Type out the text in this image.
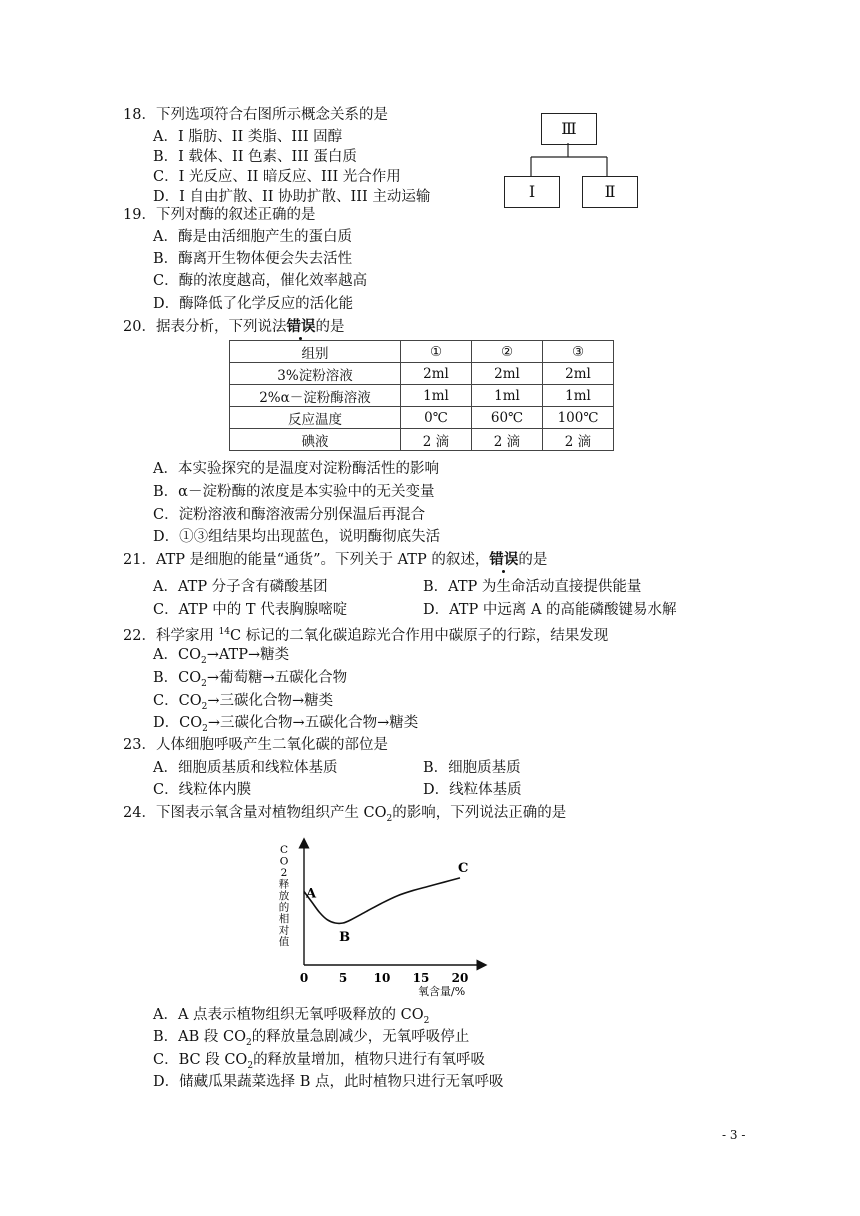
18．下列选项符合右图所示概念关系的是
A．I 脂肪、II 类脂、III 固醇
B．I 载体、II 色素、III 蛋白质
C．I 光反应、II 暗反应、III 光合作用
D．I 自由扩散、II 协助扩散、III 主动运输
Ⅲ
Ⅰ	Ⅱ
19．下列对酶的叙述正确的是
A．酶是由活细胞产生的蛋白质
B．酶离开生物体便会失去活性
C．酶的浓度越高，催化效率越高
D．酶降低了化学反应的活化能
20．据表分析，下列说法错误的是
组别	①	②	③
3%淀粉溶液	2ml	2ml	2ml
2%α－淀粉酶溶液	1ml	1ml	1ml
反应温度	0℃	60℃	100℃
碘液	2 滴	2 滴	2 滴
A．本实验探究的是温度对淀粉酶活性的影响
B．α－淀粉酶的浓度是本实验中的无关变量
C．淀粉溶液和酶溶液需分别保温后再混合
D．①③组结果均出现蓝色，说明酶彻底失活
21．ATP 是细胞的能量“通货”。下列关于 ATP 的叙述，错误的是
A．ATP 分子含有磷酸基团	B．ATP 为生命活动直接提供能量
C．ATP 中的 T 代表胸腺嘧啶	D．ATP 中远离 A 的高能磷酸键易水解
22．科学家用 $^{14}$C 标记的二氧化碳追踪光合作用中碳原子的行踪，结果发现
A．$CO_2\to ATP\to$糖类
B．$CO_2\to$葡萄糖→五碳化合物
C．$CO_2\to$三碳化合物→糖类
D．$CO_2\to$三碳化合物→五碳化合物→糖类
23．人体细胞呼吸产生二氧化碳的部位是
A．细胞质基质和线粒体基质	B．细胞质基质
C．线粒体内膜	D．线粒体基质
24．下图表示氧含量对植物组织产生 $CO_2$的影响，下列说法正确的是
0	5 10 15 20
A
B
C
氧含量/%
C
O
2
释
放
的
相
对
值
A．A 点表示植物组织无氧呼吸释放的 $CO_2$
B．AB 段 $CO_2$的释放量急剧减少，无氧呼吸停止
C．BC 段 $CO_2$的释放量增加，植物只进行有氧呼吸
D．储藏瓜果蔬菜选择 B 点，此时植物只进行无氧呼吸
- 3 -
